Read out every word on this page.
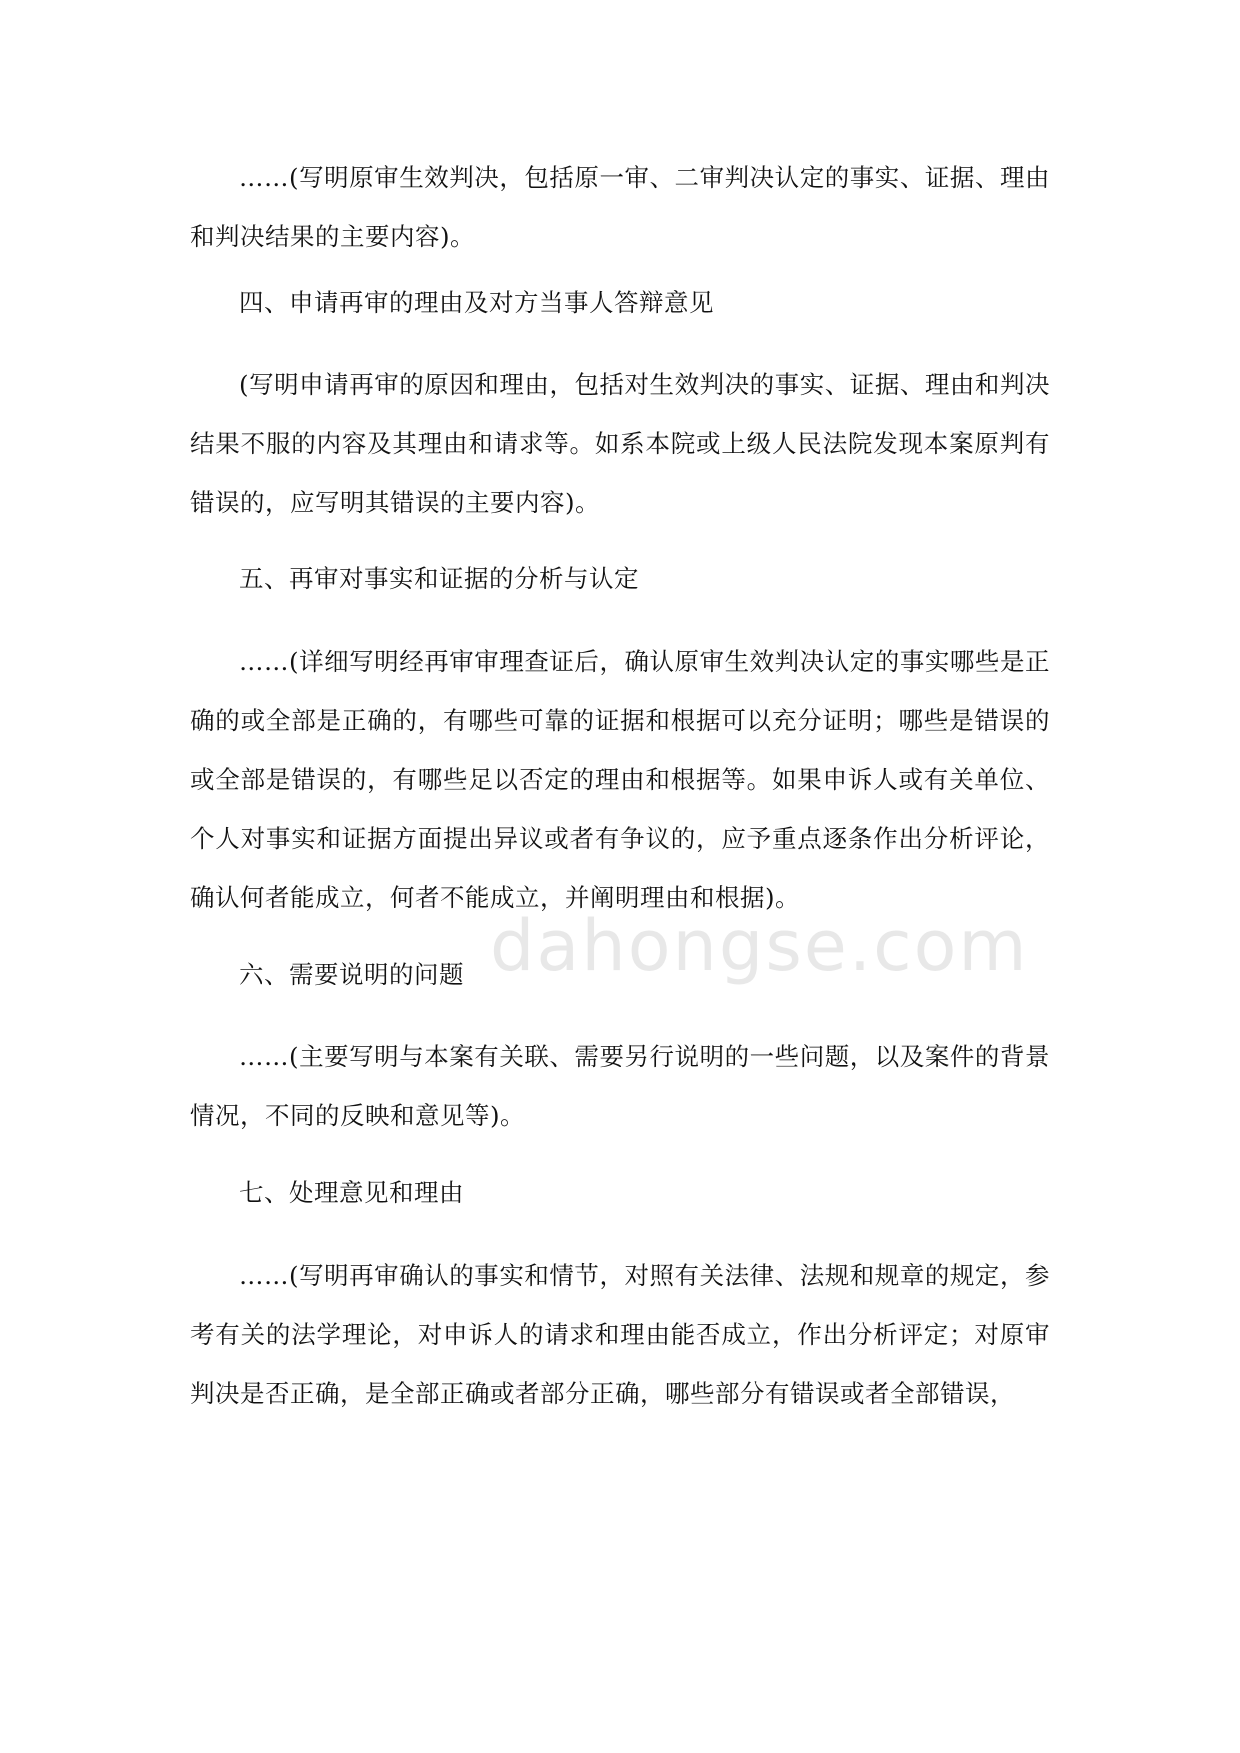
……(写明原审生效判决，包括原一审、二审判决认定的事实、证据、理由和判决结果的主要内容)。

四、申请再审的理由及对方当事人答辩意见

(写明申请再审的原因和理由，包括对生效判决的事实、证据、理由和判决结果不服的内容及其理由和请求等。如系本院或上级人民法院发现本案原判有错误的，应写明其错误的主要内容)。

五、再审对事实和证据的分析与认定

……(详细写明经再审审理查证后，确认原审生效判决认定的事实哪些是正确的或全部是正确的，有哪些可靠的证据和根据可以充分证明；哪些是错误的或全部是错误的，有哪些足以否定的理由和根据等。如果申诉人或有关单位、个人对事实和证据方面提出异议或者有争议的，应予重点逐条作出分析评论，确认何者能成立，何者不能成立，并阐明理由和根据)。

六、需要说明的问题

……(主要写明与本案有关联、需要另行说明的一些问题，以及案件的背景情况，不同的反映和意见等)。

七、处理意见和理由

……(写明再审确认的事实和情节，对照有关法律、法规和规章的规定，参考有关的法学理论，对申诉人的请求和理由能否成立，作出分析评定；对原审判决是否正确，是全部正确或者部分正确，哪些部分有错误或者全部错误，

dahongse.com
